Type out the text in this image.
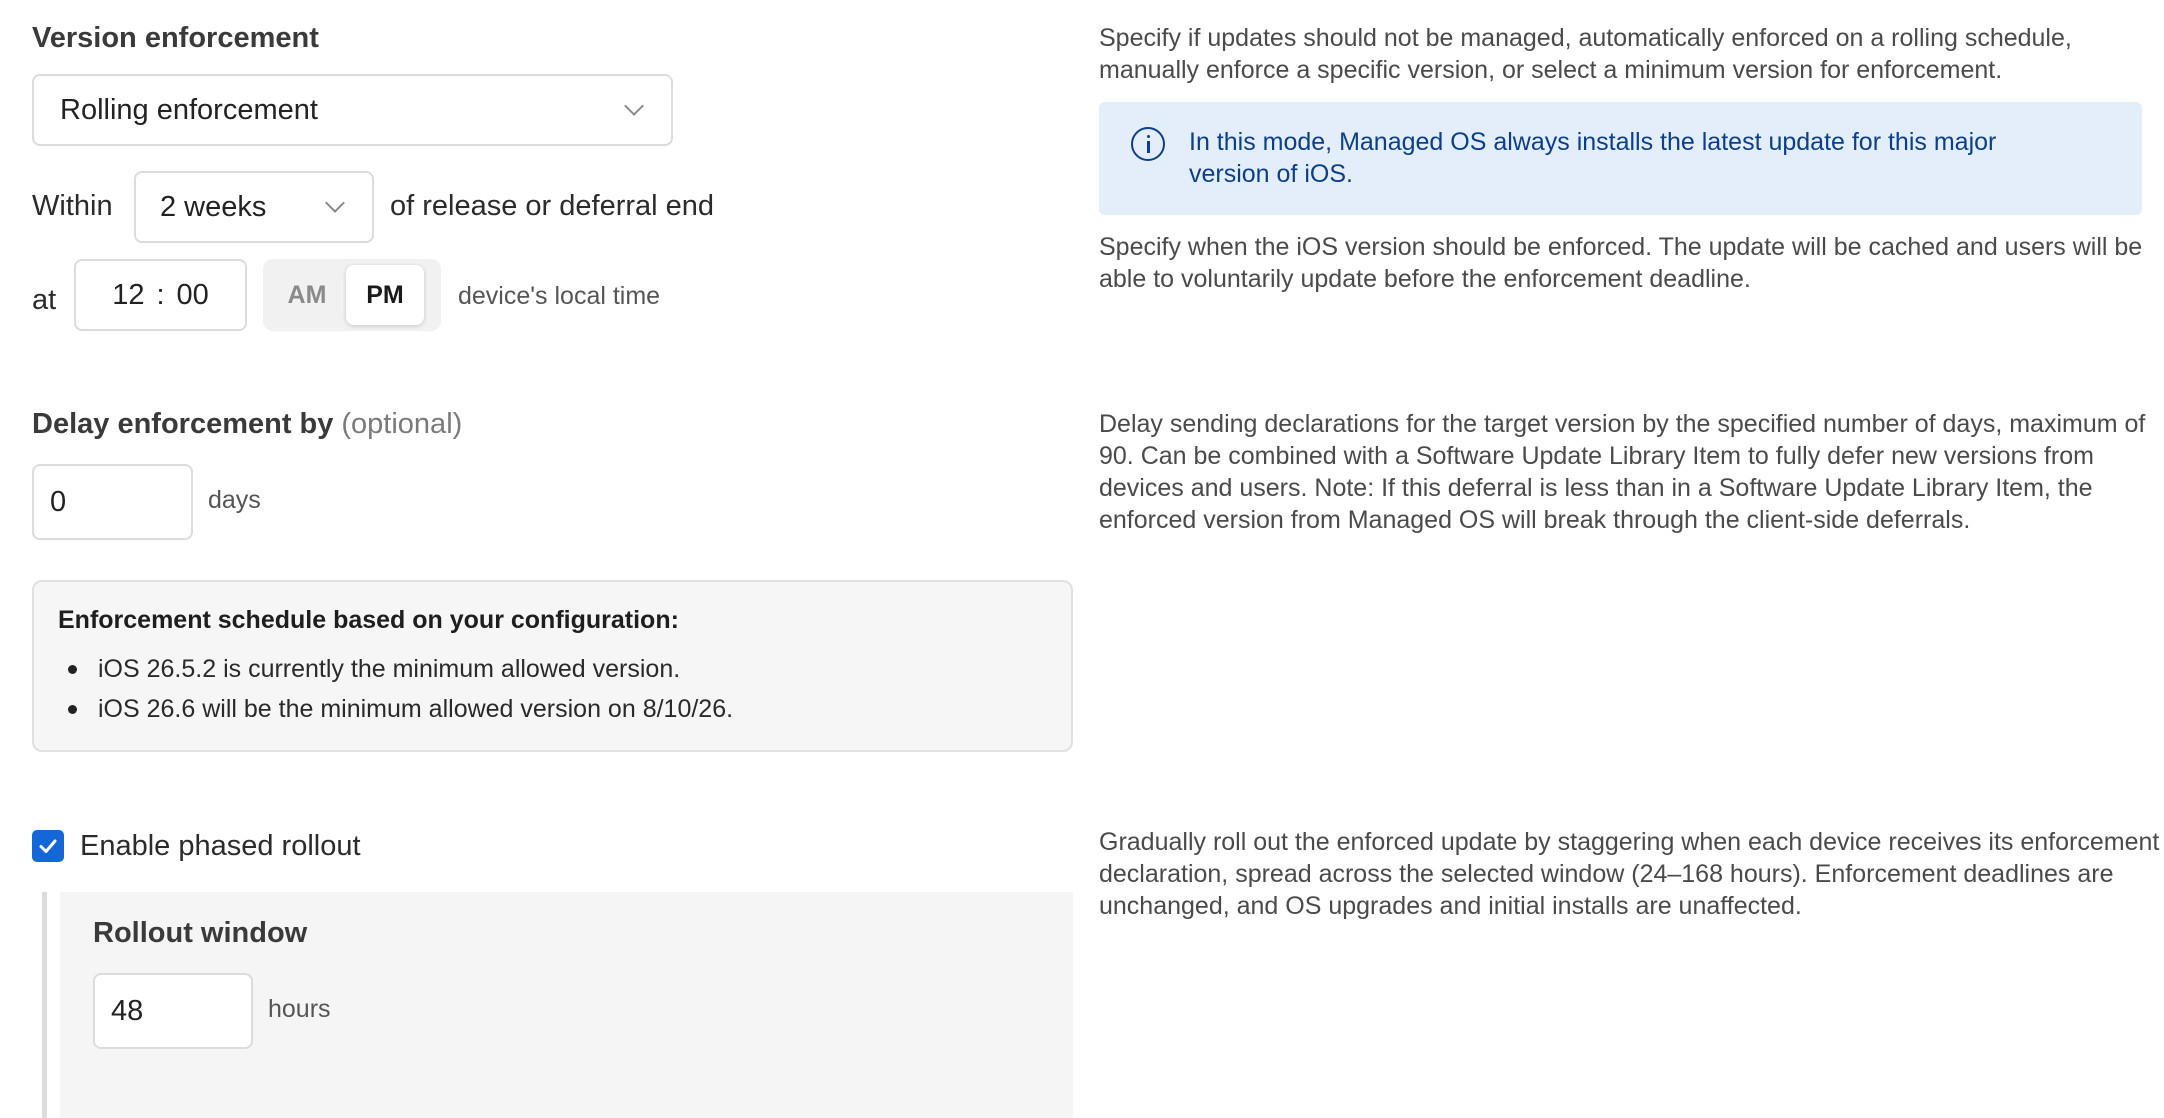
Version enforcement
Rolling enforcement
Within 2 weeks	of release or deferral end
at 12 : 00	AM	PM	device's local time
Delay enforcement by (optional)
0	days
Enforcement schedule based on your configuration:
iOS 26.5.2 is currently the minimum allowed version.
iOS 26.6 will be the minimum allowed version on 8/10/26.
Enable phased rollout
Rollout window
48	hours
Specify if updates should not be managed, automatically enforced on a rolling schedule, manually enforce a specific version, or select a minimum version for enforcement.
In this mode, Managed OS always installs the latest update for this major version of iOS.
Specify when the iOS version should be enforced. The update will be cached and users will be able to voluntarily update before the enforcement deadline.
Delay sending declarations for the target version by the specified number of days, maximum of 90. Can be combined with a Software Update Library Item to fully defer new versions from devices and users. Note: If this deferral is less than in a Software Update Library Item, the enforced version from Managed OS will break through the client-side deferrals.
Gradually roll out the enforced update by staggering when each device receives its enforcement declaration, spread across the selected window (24–168 hours). Enforcement deadlines are unchanged, and OS upgrades and initial installs are unaffected.
